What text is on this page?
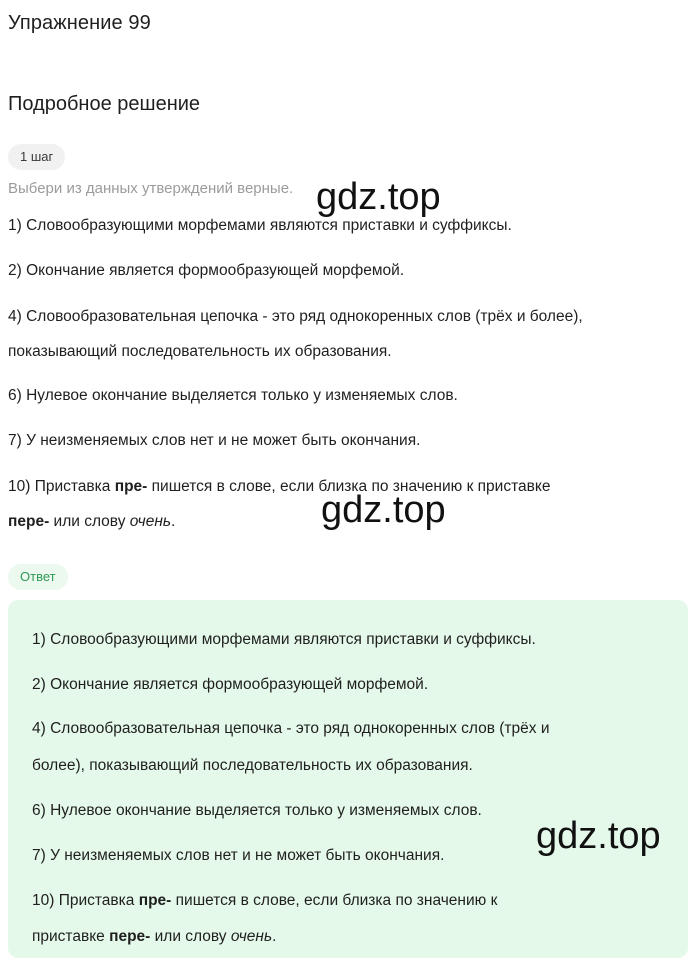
Упражнение 99
Подробное решение
1 шаг
Выбери из данных утверждений верные.

1) Словообразующими морфемами являются приставки и суффиксы.

2) Окончание является формообразующей морфемой.

4) Словообразовательная цепочка - это ряд однокоренных слов (трёх и более),

показывающий последовательность их образования.

6) Нулевое окончание выделяется только у изменяемых слов.

7) У неизменяемых слов нет и не может быть окончания.

10) Приставка пре- пишется в слове, если близка по значению к приставке

пере- или слову очень.

Ответ

1) Словообразующими морфемами являются приставки и суффиксы.

2) Окончание является формообразующей морфемой.

4) Словообразовательная цепочка - это ряд однокоренных слов (трёх и

более), показывающий последовательность их образования.

6) Нулевое окончание выделяется только у изменяемых слов.

7) У неизменяемых слов нет и не может быть окончания.

10) Приставка пре- пишется в слове, если близка по значению к

приставке пере- или слову очень.

gdz.top
gdz.top
gdz.top
